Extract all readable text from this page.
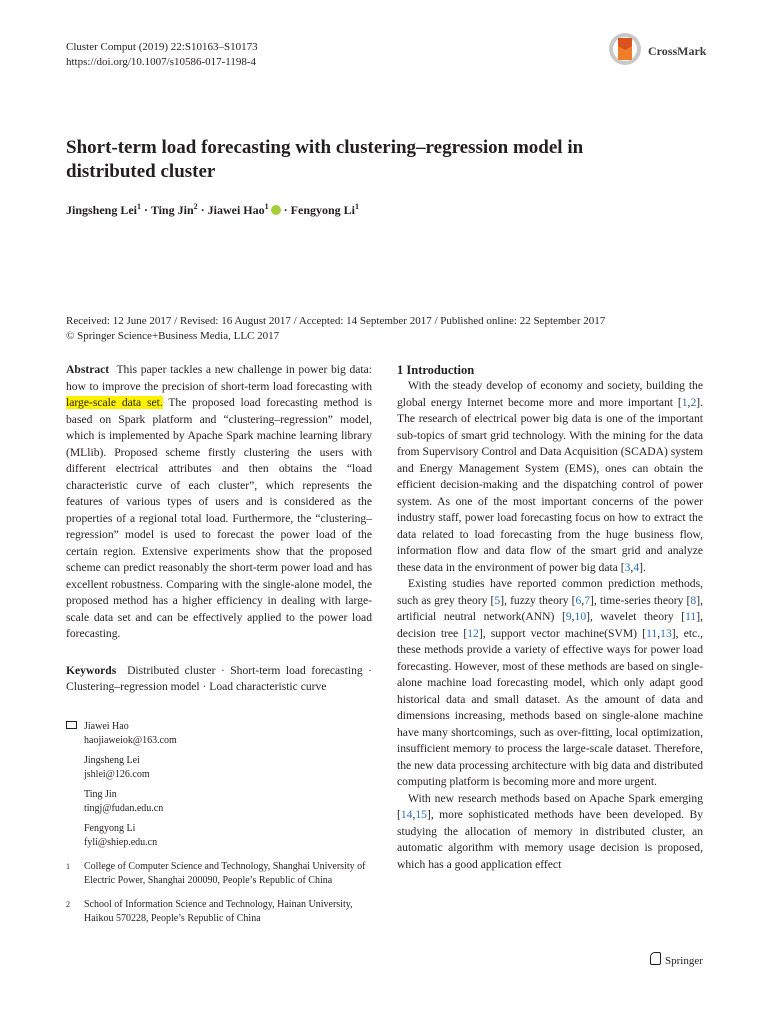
Cluster Comput (2019) 22:S10163–S10173
https://doi.org/10.1007/s10586-017-1198-4
CrossMark
Short-term load forecasting with clustering–regression model in distributed cluster
Jingsheng Lei$^1$ · Ting Jin$^2$ · Jiawei Hao$^1$ · Fengyong Li$^1$
Received: 12 June 2017 / Revised: 16 August 2017 / Accepted: 14 September 2017 / Published online: 22 September 2017
© Springer Science+Business Media, LLC 2017
Abstract This paper tackles a new challenge in power big data: how to improve the precision of short-term load forecasting with large-scale data set. The proposed load forecasting method is based on Spark platform and “clustering–regression” model, which is implemented by Apache Spark machine learning library (MLlib). Proposed scheme firstly clustering the users with different electrical attributes and then obtains the “load characteristic curve of each cluster”, which represents the features of various types of users and is considered as the properties of a regional total load. Furthermore, the “clustering–regression” model is used to forecast the power load of the certain region. Extensive experiments show that the proposed scheme can predict reasonably the short-term power load and has excellent robustness. Comparing with the single-alone model, the proposed method has a higher efficiency in dealing with large-scale data set and can be effectively applied to the power load forecasting.
Keywords Distributed cluster · Short-term load forecasting · Clustering–regression model · Load characteristic curve
Jiawei Hao
haojiaweiok@163.com
Jingsheng Lei
jshlei@126.com
Ting Jin
tingj@fudan.edu.cn
Fengyong Li
fyli@shiep.edu.cn
1 College of Computer Science and Technology, Shanghai University of Electric Power, Shanghai 200090, People’s Republic of China
2 School of Information Science and Technology, Hainan University, Haikou 570228, People’s Republic of China

1 Introduction

With the steady develop of economy and society, building the global energy Internet become more and more important [1,2]. The research of electrical power big data is one of the important sub-topics of smart grid technology. With the mining for the data from Supervisory Control and Data Acquisition (SCADA) system and Energy Management System (EMS), ones can obtain the efficient decision-making and the dispatching control of power system. As one of the most important concerns of the power industry staff, power load forecasting focus on how to extract the data related to load forecasting from the huge business flow, information flow and data flow of the smart grid and analyze these data in the environment of power big data [3,4].

Existing studies have reported common prediction methods, such as grey theory [5], fuzzy theory [6,7], time-series theory [8], artificial neutral network(ANN) [9,10], wavelet theory [11], decision tree [12], support vector machine(SVM) [11,13], etc., these methods provide a variety of effective ways for power load forecasting. However, most of these methods are based on single-alone machine load forecasting model, which only adapt good historical data and small dataset. As the amount of data and dimensions increasing, methods based on single-alone machine have many shortcomings, such as over-fitting, local optimization, insufficient memory to process the large-scale dataset. Therefore, the new data processing architecture with big data and distributed computing platform is becoming more and more urgent.

With new research methods based on Apache Spark emerging [14,15], more sophisticated methods have been developed. By studying the allocation of memory in distributed cluster, an automatic algorithm with memory usage decision is proposed, which has a good application effect

Springer
